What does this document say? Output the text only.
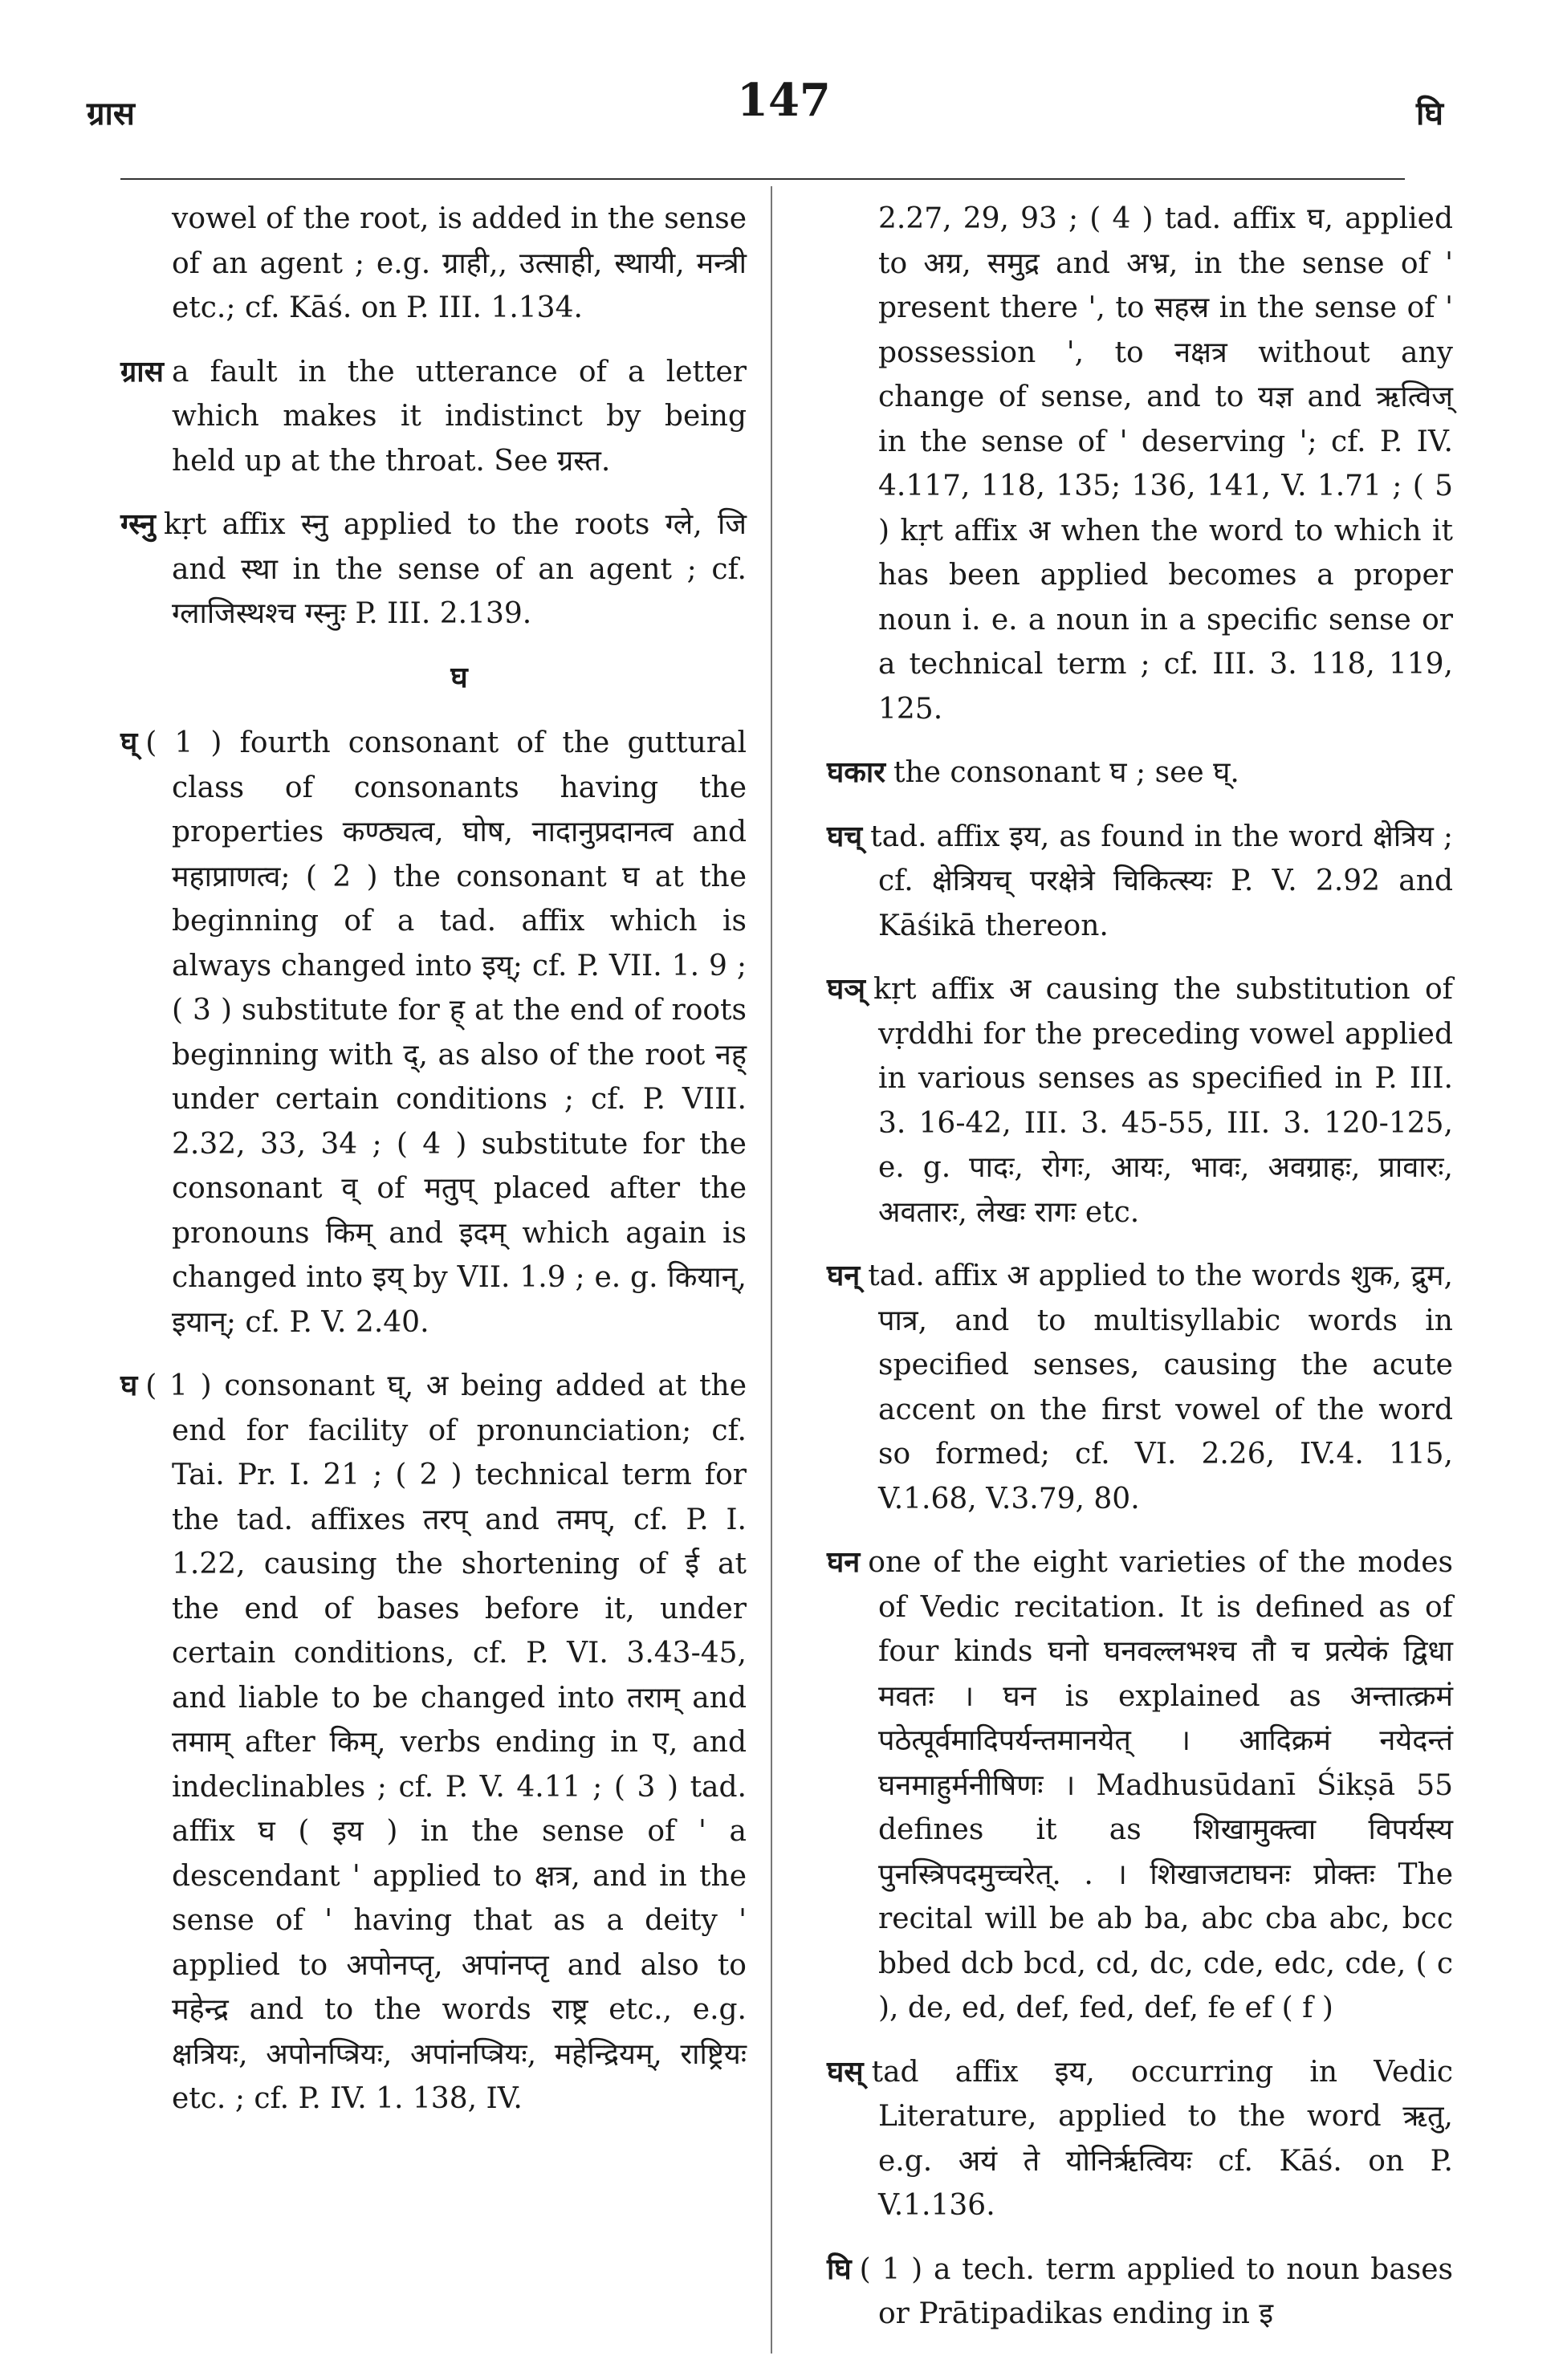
ग्रास	147	घि
vowel of the root, is added in the sense of an agent ; e.g. ग्राही,, उत्साही, स्थायी, मन्त्री etc.; cf. Kāś. on P. III. 1.134.
ग्रास a fault in the utterance of a letter which makes it indistinct by being held up at the throat. See ग्रस्त.
ग्स्नु kṛt affix स्नु applied to the roots ग्ले, जि and स्था in the sense of an agent ; cf. ग्लाजिस्थश्च ग्स्नुः P. III. 2.139.
घ
घ् ( 1 ) fourth consonant of the guttural class of consonants having the properties कण्ठ्यत्व, घोष, नादानुप्रदानत्व and महाप्राणत्व; ( 2 ) the consonant घ at the beginning of a tad. affix which is always changed into इय्; cf. P. VII. 1. 9 ; ( 3 ) substitute for ह् at the end of roots beginning with द्, as also of the root नह् under certain conditions ; cf. P. VIII. 2.32, 33, 34 ; ( 4 ) substitute for the consonant व् of मतुप् placed after the pronouns किम् and इदम् which again is changed into इय् by VII. 1.9 ; e. g. कियान्, इयान्; cf. P. V. 2.40.
घ ( 1 ) consonant घ्, अ being added at the end for facility of pronunciation; cf. Tai. Pr. I. 21 ; ( 2 ) technical term for the tad. affixes तरप् and तमप्, cf. P. I. 1.22, causing the shortening of ई at the end of bases before it, under certain conditions, cf. P. VI. 3.43-45, and liable to be changed into तराम् and तमाम् after किम्, verbs ending in ए, and indeclinables ; cf. P. V. 4.11 ; ( 3 ) tad. affix घ ( इय ) in the sense of ' a descendant ' applied to क्षत्र, and in the sense of ' having that as a deity ' applied to अपोनप्तृ, अपांनप्तृ and also to महेन्द्र and to the words राष्ट्र etc., e.g. क्षत्रियः, अपोनप्त्रियः, अपांनप्त्रियः, महेन्द्रियम्, राष्ट्रियः etc. ; cf. P. IV. 1. 138, IV.
2.27, 29, 93 ; ( 4 ) tad. affix घ, applied to अग्र, समुद्र and अभ्र, in the sense of ' present there ', to सहस्र in the sense of ' possession ', to नक्षत्र without any change of sense, and to यज्ञ and ऋत्विज् in the sense of ' deserving '; cf. P. IV. 4.117, 118, 135; 136, 141, V. 1.71 ; ( 5 ) kṛt affix अ when the word to which it has been applied becomes a proper noun i. e. a noun in a specific sense or a technical term ; cf. III. 3. 118, 119, 125.
घकार the consonant घ ; see घ्.
घच् tad. affix इय, as found in the word क्षेत्रिय ; cf. क्षेत्रियच् परक्षेत्रे चिकित्स्यः P. V. 2.92 and Kāśikā thereon.
घञ् kṛt affix अ causing the substitution of vṛddhi for the preceding vowel applied in various senses as specified in P. III. 3. 16-42, III. 3. 45-55, III. 3. 120-125, e. g. पादः, रोगः, आयः, भावः, अवग्राहः, प्रावारः, अवतारः, लेखः रागः etc.
घन् tad. affix अ applied to the words शुक, द्रुम, पात्र, and to multisyllabic words in specified senses, causing the acute accent on the first vowel of the word so formed; cf. VI. 2.26, IV.4. 115, V.1.68, V.3.79, 80.
घन one of the eight varieties of the modes of Vedic recitation. It is defined as of four kinds घनो घनवल्लभश्च तौ च प्रत्येकं द्विधा मवतः । घन is explained as अन्तात्क्रमं पठेत्पूर्वमादिपर्यन्तमानयेत् । आदिक्रमं नयेदन्तं घनमाहुर्मनीषिणः । Madhusūdanī Śikṣā 55 defines it as शिखामुक्त्वा विपर्यस्य पुनस्त्रिपदमुच्चरेत्. . । शिखाजटाघनः प्रोक्तः The recital will be ab ba, abc cba abc, bcc bbed dcb bcd, cd, dc, cde, edc, cde, ( c ), de, ed, def, fed, def, fe ef ( f )
घस् tad affix इय, occurring in Vedic Literature, applied to the word ऋतु, e.g. अयं ते योनिर्ऋत्वियः cf. Kāś. on P. V.1.136.
घि ( 1 ) a tech. term applied to noun bases or Prātipadikas ending in इ
